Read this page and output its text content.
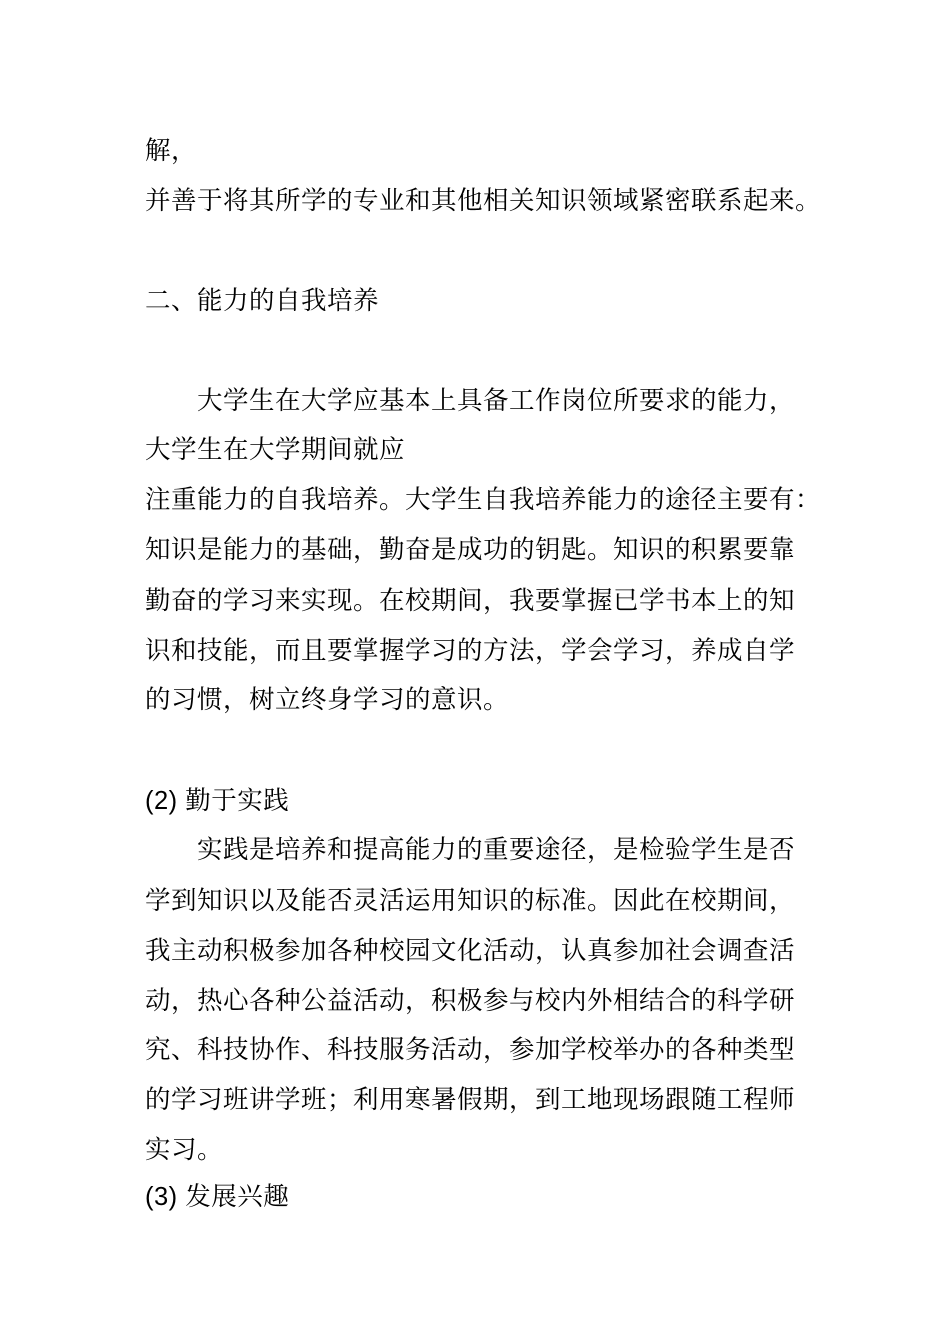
解，
并善于将其所学的专业和其他相关知识领域紧密联系起来。
二、能力的自我培养
　　大学生在大学应基本上具备工作岗位所要求的能力，
大学生在大学期间就应
注重能力的自我培养。大学生自我培养能力的途径主要有：
知识是能力的基础，勤奋是成功的钥匙。知识的积累要靠
勤奋的学习来实现。在校期间，我要掌握已学书本上的知
识和技能，而且要掌握学习的方法，学会学习，养成自学
的习惯，树立终身学习的意识。
(2) 勤于实践
　　实践是培养和提高能力的重要途径，是检验学生是否
学到知识以及能否灵活运用知识的标准。因此在校期间，
我主动积极参加各种校园文化活动，认真参加社会调查活
动，热心各种公益活动，积极参与校内外相结合的科学研
究、科技协作、科技服务活动，参加学校举办的各种类型
的学习班讲学班；利用寒暑假期，到工地现场跟随工程师
实习。
(3) 发展兴趣
